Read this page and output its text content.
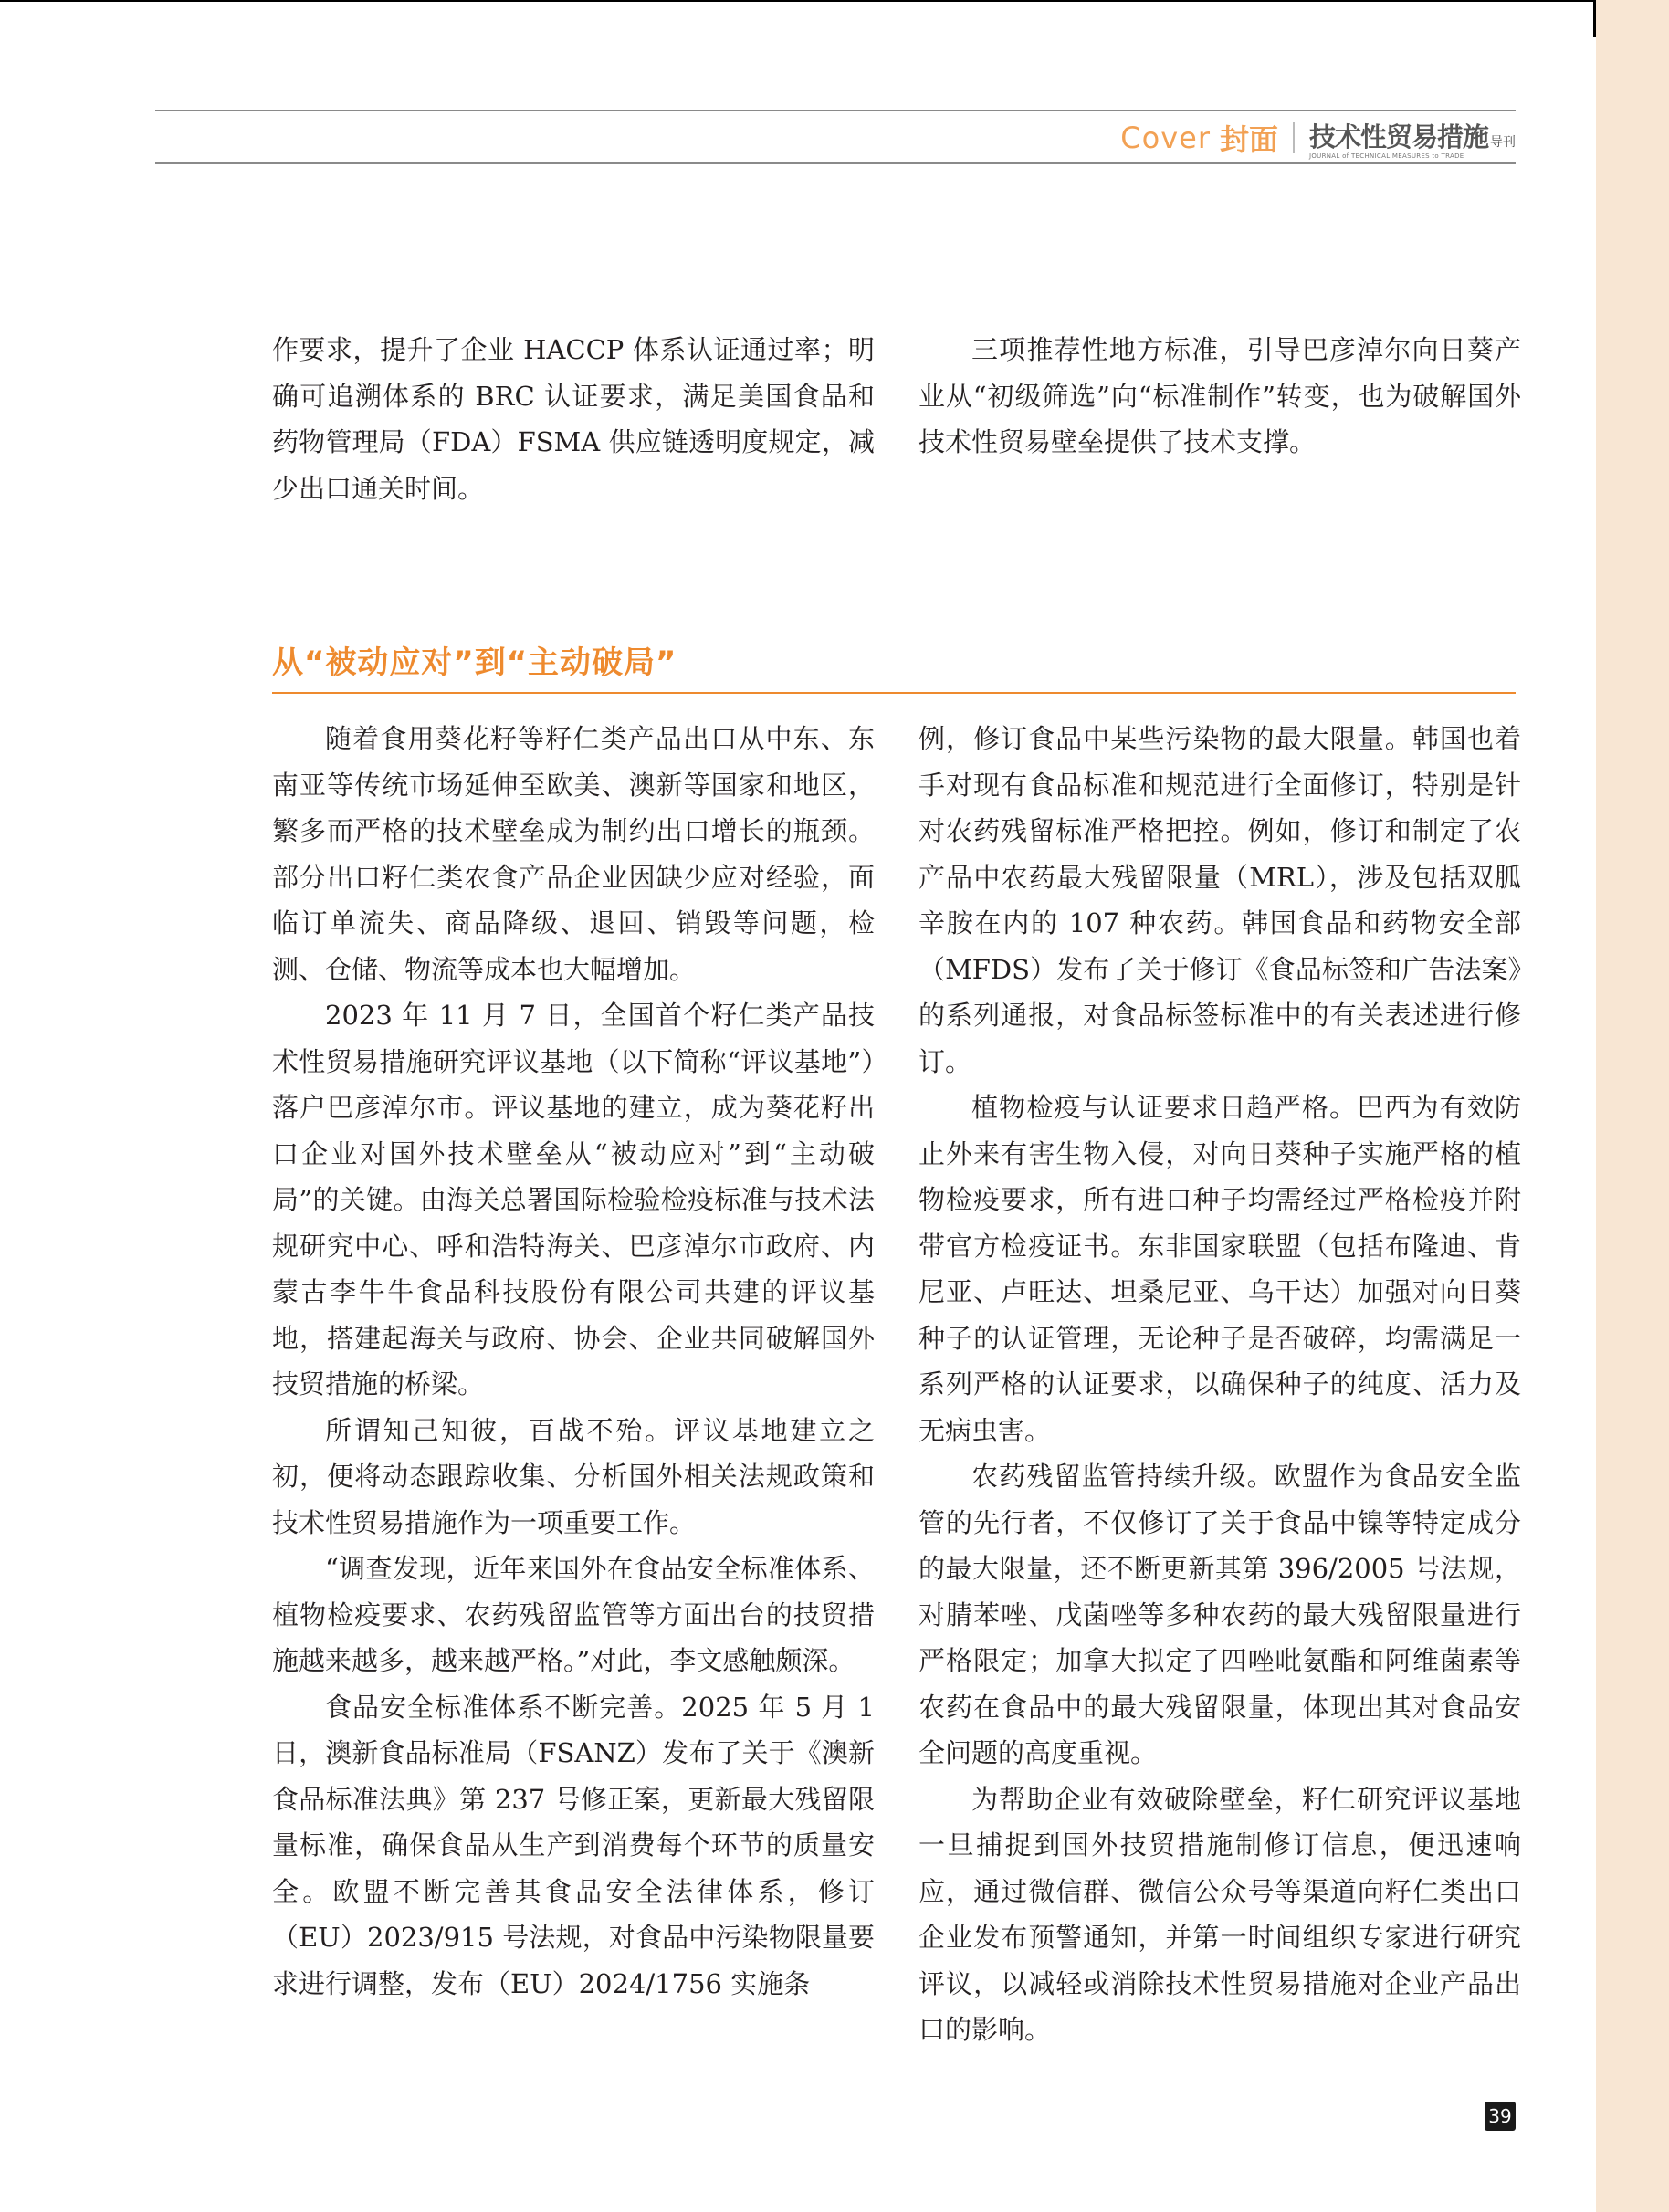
Cover 封面 技术性贸易措施 导刊
JOURNAL of TECHNICAL MEASURES to TRADE

作要求，提升了企业 HACCP 体系认证通过率；明确可追溯体系的 BRC 认证要求，满足美国食品和药物管理局（FDA）FSMA 供应链透明度规定，减少出口通关时间。

三项推荐性地方标准，引导巴彦淖尔向日葵产业从“初级筛选”向“标准制作”转变，也为破解国外技术性贸易壁垒提供了技术支撑。

从“被动应对”到“主动破局”

随着食用葵花籽等籽仁类产品出口从中东、东南亚等传统市场延伸至欧美、澳新等国家和地区，繁多而严格的技术壁垒成为制约出口增长的瓶颈。部分出口籽仁类农食产品企业因缺少应对经验，面临订单流失、商品降级、退回、销毁等问题，检测、仓储、物流等成本也大幅增加。

2023 年 11 月 7 日，全国首个籽仁类产品技术性贸易措施研究评议基地（以下简称“评议基地”）落户巴彦淖尔市。评议基地的建立，成为葵花籽出口企业对国外技术壁垒从“被动应对”到“主动破局”的关键。由海关总署国际检验检疫标准与技术法规研究中心、呼和浩特海关、巴彦淖尔市政府、内蒙古李牛牛食品科技股份有限公司共建的评议基地，搭建起海关与政府、协会、企业共同破解国外技贸措施的桥梁。

所谓知己知彼，百战不殆。评议基地建立之初，便将动态跟踪收集、分析国外相关法规政策和技术性贸易措施作为一项重要工作。

“调查发现，近年来国外在食品安全标准体系、植物检疫要求、农药残留监管等方面出台的技贸措施越来越多，越来越严格。”对此，李文感触颇深。

食品安全标准体系不断完善。2025 年 5 月 1 日，澳新食品标准局（FSANZ）发布了关于《澳新食品标准法典》第 237 号修正案，更新最大残留限量标准，确保食品从生产到消费每个环节的质量安全。欧盟不断完善其食品安全法律体系，修订（EU）2023/915 号法规，对食品中污染物限量要求进行调整，发布（EU）2024/1756 实施条

例，修订食品中某些污染物的最大限量。韩国也着手对现有食品标准和规范进行全面修订，特别是针对农药残留标准严格把控。例如，修订和制定了农产品中农药最大残留限量（MRL），涉及包括双胍辛胺在内的 107 种农药。韩国食品和药物安全部（MFDS）发布了关于修订《食品标签和广告法案》的系列通报，对食品标签标准中的有关表述进行修订。

植物检疫与认证要求日趋严格。巴西为有效防止外来有害生物入侵，对向日葵种子实施严格的植物检疫要求，所有进口种子均需经过严格检疫并附带官方检疫证书。东非国家联盟（包括布隆迪、肯尼亚、卢旺达、坦桑尼亚、乌干达）加强对向日葵种子的认证管理，无论种子是否破碎，均需满足一系列严格的认证要求，以确保种子的纯度、活力及无病虫害。

农药残留监管持续升级。欧盟作为食品安全监管的先行者，不仅修订了关于食品中镍等特定成分的最大限量，还不断更新其第 396/2005 号法规，对腈苯唑、戊菌唑等多种农药的最大残留限量进行严格限定；加拿大拟定了四唑吡氨酯和阿维菌素等农药在食品中的最大残留限量，体现出其对食品安全问题的高度重视。

为帮助企业有效破除壁垒，籽仁研究评议基地一旦捕捉到国外技贸措施制修订信息，便迅速响应，通过微信群、微信公众号等渠道向籽仁类出口企业发布预警通知，并第一时间组织专家进行研究评议，以减轻或消除技术性贸易措施对企业产品出口的影响。

39
